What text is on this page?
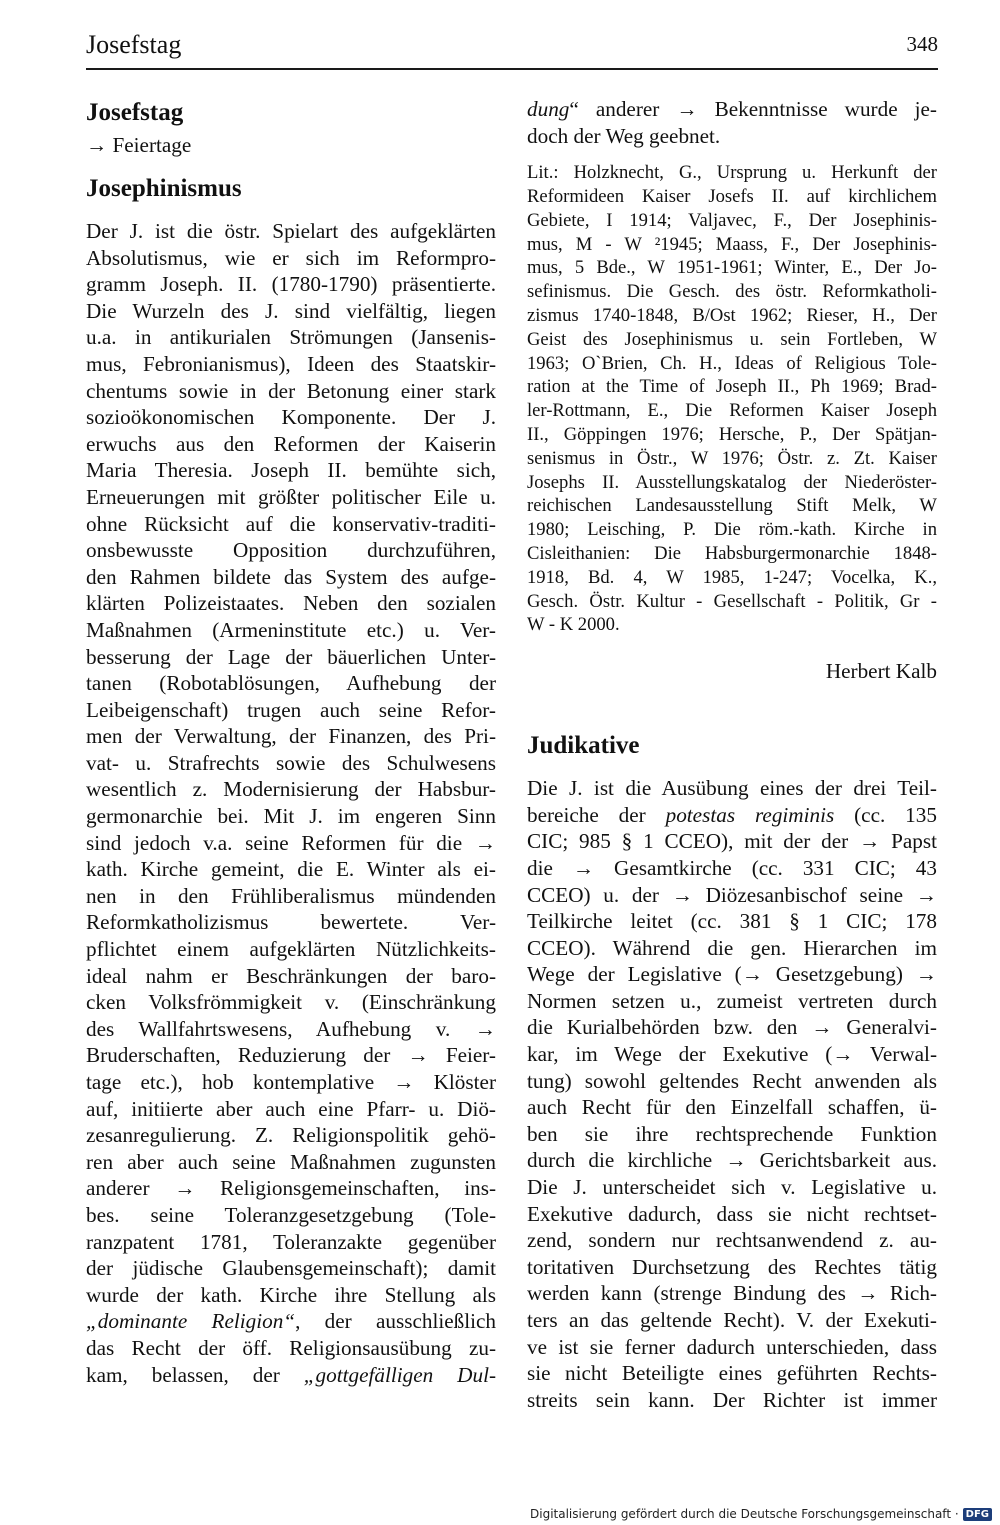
Josefstag	348
Josefstag
→ Feiertage
Josephinismus
Der J. ist die östr. Spielart des aufgeklärten
Absolutismus, wie er sich im Reformpro-
gramm Joseph. II. (1780-1790) präsentierte.
Die Wurzeln des J. sind vielfältig, liegen
u.a. in antikurialen Strömungen (Jansenis-
mus, Febronianismus), Ideen des Staatskir-
chentums sowie in der Betonung einer stark
sozioökonomischen Komponente. Der J.
erwuchs aus den Reformen der Kaiserin
Maria Theresia. Joseph II. bemühte sich,
Erneuerungen mit größter politischer Eile u.
ohne Rücksicht auf die konservativ-traditi-
onsbewusste Opposition durchzuführen,
den Rahmen bildete das System des aufge-
klärten Polizeistaates. Neben den sozialen
Maßnahmen (Armeninstitute etc.) u. Ver-
besserung der Lage der bäuerlichen Unter-
tanen (Robotablösungen, Aufhebung der
Leibeigenschaft) trugen auch seine Refor-
men der Verwaltung, der Finanzen, des Pri-
vat- u. Strafrechts sowie des Schulwesens
wesentlich z. Modernisierung der Habsbur-
germonarchie bei. Mit J. im engeren Sinn
sind jedoch v.a. seine Reformen für die →
kath. Kirche gemeint, die E. Winter als ei-
nen in den Frühliberalismus mündenden
Reformkatholizismus bewertete. Ver-
pflichtet einem aufgeklärten Nützlichkeits-
ideal nahm er Beschränkungen der baro-
cken Volksfrömmigkeit v. (Einschränkung
des Wallfahrtswesens, Aufhebung v. →
Bruderschaften, Reduzierung der → Feier-
tage etc.), hob kontemplative → Klöster
auf, initiierte aber auch eine Pfarr- u. Diö-
zesanregulierung. Z. Religionspolitik gehö-
ren aber auch seine Maßnahmen zugunsten
anderer → Religionsgemeinschaften, ins-
bes. seine Toleranzgesetzgebung (Tole-
ranzpatent 1781, Toleranzakte gegenüber
der jüdische Glaubensgemeinschaft); damit
wurde der kath. Kirche ihre Stellung als
„dominante Religion“, der ausschließlich
das Recht der öff. Religionsausübung zu-
kam, belassen, der „gottgefälligen Dul-
dung“ anderer → Bekenntnisse wurde je-
doch der Weg geebnet.
Lit.: Holzknecht, G., Ursprung u. Herkunft der
Reformideen Kaiser Josefs II. auf kirchlichem
Gebiete, I 1914; Valjavec, F., Der Josephinis-
mus, M - W ²1945; Maass, F., Der Josephinis-
mus, 5 Bde., W 1951-1961; Winter, E., Der Jo-
sefinismus. Die Gesch. des östr. Reformkatholi-
zismus 1740-1848, B/Ost 1962; Rieser, H., Der
Geist des Josephinismus u. sein Fortleben, W
1963; O`Brien, Ch. H., Ideas of Religious Tole-
ration at the Time of Joseph II., Ph 1969; Brad-
ler-Rottmann, E., Die Reformen Kaiser Joseph
II., Göppingen 1976; Hersche, P., Der Spätjan-
senismus in Östr., W 1976; Östr. z. Zt. Kaiser
Josephs II. Ausstellungskatalog der Niederöster-
reichischen Landesausstellung Stift Melk, W
1980; Leisching, P. Die röm.-kath. Kirche in
Cisleithanien: Die Habsburgermonarchie 1848-
1918, Bd. 4, W 1985, 1-247; Vocelka, K.,
Gesch. Östr. Kultur - Gesellschaft - Politik, Gr -
W - K 2000.
Herbert Kalb
Judikative
Die J. ist die Ausübung eines der drei Teil-
bereiche der potestas regiminis (cc. 135
CIC; 985 § 1 CCEO), mit der der → Papst
die → Gesamtkirche (cc. 331 CIC; 43
CCEO) u. der → Diözesanbischof seine →
Teilkirche leitet (cc. 381 § 1 CIC; 178
CCEO). Während die gen. Hierarchen im
Wege der Legislative (→ Gesetzgebung) →
Normen setzen u., zumeist vertreten durch
die Kurialbehörden bzw. den → Generalvi-
kar, im Wege der Exekutive (→ Verwal-
tung) sowohl geltendes Recht anwenden als
auch Recht für den Einzelfall schaffen, ü-
ben sie ihre rechtsprechende Funktion
durch die kirchliche → Gerichtsbarkeit aus.
Die J. unterscheidet sich v. Legislative u.
Exekutive dadurch, dass sie nicht rechtset-
zend, sondern nur rechtsanwendend z. au-
toritativen Durchsetzung des Rechtes tätig
werden kann (strenge Bindung des → Rich-
ters an das geltende Recht). V. der Exekuti-
ve ist sie ferner dadurch unterschieden, dass
sie nicht Beteiligte eines geführten Rechts-
streits sein kann. Der Richter ist immer
Digitalisierung gefördert durch die Deutsche Forschungsgemeinschaft · DFG
